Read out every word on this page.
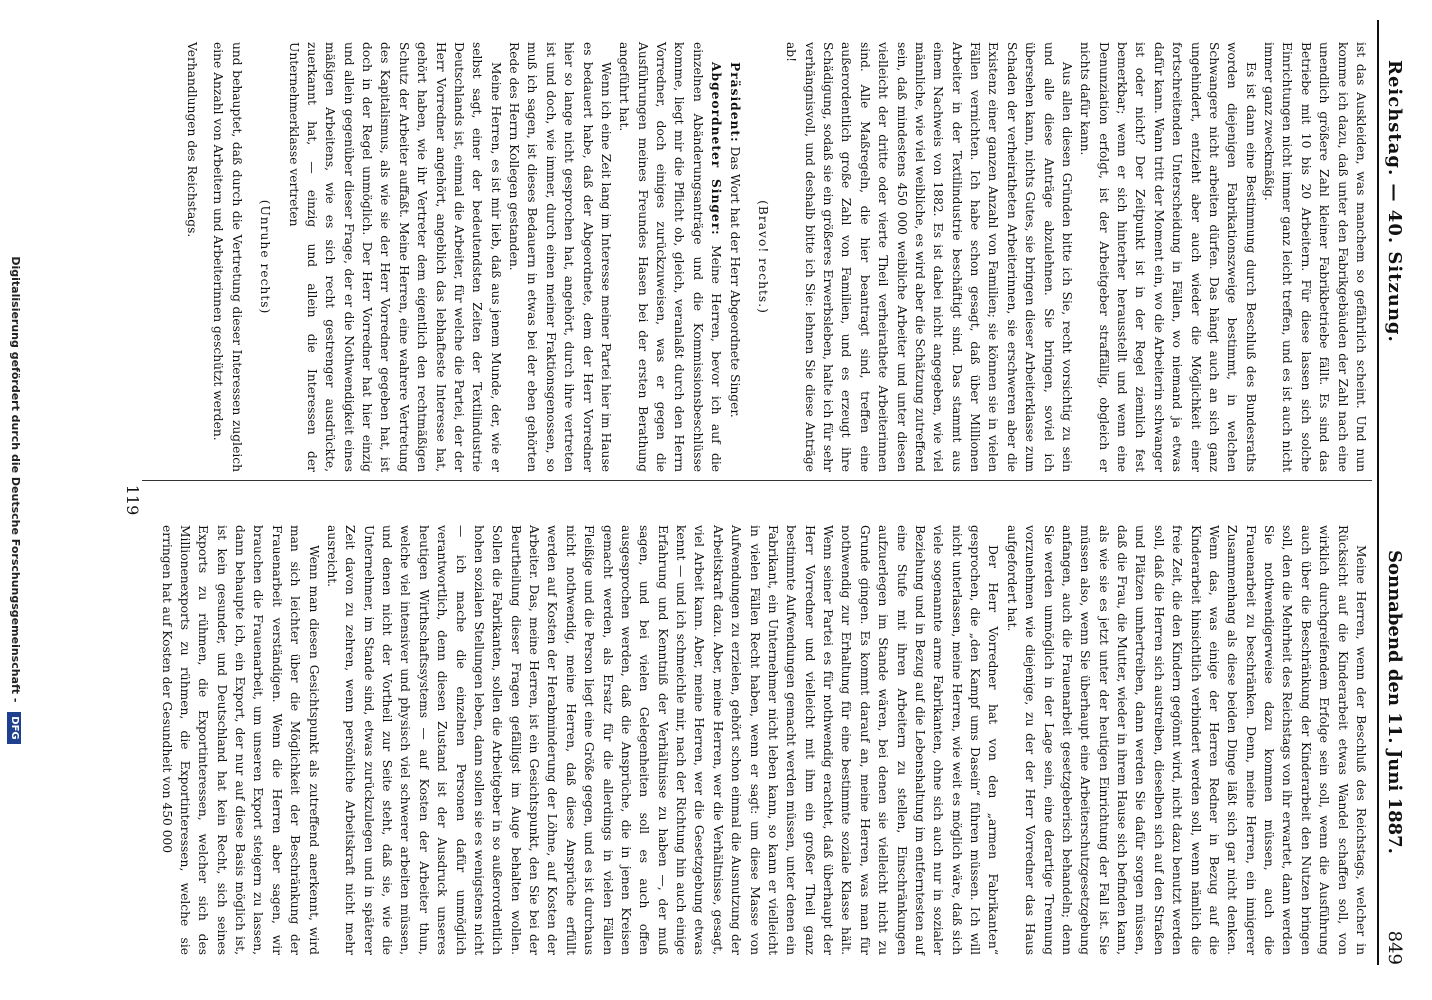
Reichstag. — 40. Sitzung.
Sonnabend den 11. Juni 1887.
849

ist das Auskleiden, was manchem so gefährlich scheint. Und nun komme ich dazu, daß unter den Fabrikgebäuden der Zahl nach eine unendlich größere Zahl kleiner Fabrikbetriebe fällt. Es sind das Betriebe mit 10 bis 20 Arbeitern. Für diese lassen sich solche Einrichtungen nicht immer ganz leicht treffen, und es ist auch nicht immer ganz zweckmäßig.

Es ist dann eine Bestimmung durch Beschluß des Bundesraths worden diejenigen Fabrikationszweige bestimmt, in welchen Schwangere nicht arbeiten dürfen. Das hängt auch an sich ganz ungehindert, entzieht aber auch wieder die Möglichkeit einer fortschreitenden Unterscheidung in Fällen, wo niemand ja etwas dafür kann. Wann tritt der Moment ein, wo die Arbeiterin schwanger ist oder nicht? Der Zeitpunkt ist in der Regel ziemlich fest bemerkbar; wenn er sich hinterher herausstellt und wenn eine Denunziation erfolgt, ist der Arbeitgeber straffällig, obgleich er nichts dafür kann.

Aus allen diesen Gründen bitte ich Sie, recht vorsichtig zu sein und alle diese Anträge abzulehnen. Sie bringen, soviel ich übersehen kann, nichts Gutes, sie bringen dieser Arbeiterklasse zum Schaden der verheiratheten Arbeiterinnen, sie erschweren aber die Existenz einer ganzen Anzahl von Familien; sie können sie in vielen Fällen vernichten. Ich habe schon gesagt, daß über Millionen Arbeiter in der Textilindustrie beschäftigt sind. Das stammt aus einem Nachweis von 1882. Es ist dabei nicht angegeben, wie viel männliche, wie viel weibliche, es wird aber die Schätzung zutreffend sein, daß mindestens 450 000 weibliche Arbeiter und unter diesen vielleicht der dritte oder vierte Theil verheirathete Arbeiterinnen sind. Alle Maßregeln, die hier beantragt sind, treffen eine außerordentlich große Zahl von Familien, und es erzeugt ihre Schädigung, sodaß sie ein größeres Erwerbsleben, halte ich für sehr verhängnisvoll, und deshalb bitte ich Sie: lehnen Sie diese Anträge ab!

(Bravo! rechts.)

Präsident: Das Wort hat der Herr Abgeordnete Singer.

Abgeordneter Singer: Meine Herren, bevor ich auf die einzelnen Abänderungsanträge und die Kommissionsbeschlüsse komme, liegt mir die Pflicht ob, gleich, veranlaßt durch den Herrn Vorredner, doch einiges zurückzuweisen, was er gegen die Ausführungen meines Freundes Hasen bei der ersten Berathung angeführt hat.

Wenn ich eine Zeit lang im Interesse meiner Partei hier im Hause es bedauert habe, daß der Abgeordnete, dem der Herr Vorredner hier so lange nicht gesprochen hat, angehört, durch ihre vertreten ist und doch, wie immer, durch einen meiner Fraktionsgenossen, so muß ich sagen, ist dieses Bedauern in etwas bei der eben gehörten Rede des Herrn Kollegen gestanden.

Meine Herren, es ist mir lieb, daß aus jenem Munde, der, wie er selbst sagt, einer der bedeutendsten Zeiten der Textilindustrie Deutschlands ist, einmal die Arbeiter, für welche die Partei, der der Herr Vorredner angehört, angeblich das lebhafteste Interesse hat, gehört haben, wie ihr Vertreter dem eigentlich den rechtmäßigen Schutz der Arbeiter auffaßt. Meine Herren, eine wahrere Vertretung des Kapitalismus, als wie sie der Herr Vorredner gegeben hat, ist doch in der Regel unmöglich. Der Herr Vorredner hat hier einzig und allein gegenüber dieser Frage, der er die Nothwendigkeit eines mäßigen Arbeitens, wie es sich recht gestrenger ausdrückte, zuerkannt hat, — einzig und allein die Interessen der Unternehmerklasse vertreten

(Unruhe rechts)

und behauptet, daß durch die Vertretung dieser Interessen zugleich eine Anzahl von Arbeitern und Arbeiterinnen geschützt werden.

Verhandlungen des Reichstags.

Meine Herren, wenn der Beschluß des Reichstags, welcher in Rücksicht auf die Kinderarbeit etwas Wandel schaffen soll, von wirklich durchgreifendem Erfolge sein soll, wenn die Ausführung auch über die Beschränkung der Kinderarbeit den Nutzen bringen soll, den die Mehrheit des Reichstags von ihr erwartet, dann werden Sie nothwendigerweise dazu kommen müssen, auch die Frauenarbeit zu beschränken. Denn, meine Herren, ein innigerer Zusammenhang als diese beiden Dinge läßt sich gar nicht denken. Wenn das, was einige der Herren Redner in Bezug auf die Kinderarbeit hinsichtlich verbindert werden soll, wenn nämlich die freie Zeit, die den Kindern gegönnt wird, nicht dazu benutzt werden soll, daß die Herren sich austreiben, dieselben sich auf den Straßen und Plätzen umhertreiben, dann werden Sie dafür sorgen müssen, daß die Frau, die Mutter, wieder in ihrem Hause sich befinden kann, als wie sie es jetzt unter der heutigen Einrichtung der Fall ist. Sie müssen also, wenn Sie überhaupt eine Arbeiterschutzgesetzgebung anfangen, auch die Frauenarbeit gesetzgeberisch behandeln; denn Sie werden unmöglich in der Lage sein, eine derartige Trennung vorzunehmen wie diejenige, zu der der Herr Vorredner das Haus aufgefordert hat.

Der Herr Vorredner hat von den „armen Fabrikanten“ gesprochen, die „den Kampf ums Dasein“ führen müssen. Ich will nicht unterlassen, meine Herren, wie weit es möglich wäre, daß sich viele sogenannte arme Fabrikanten, ohne sich auch nur in sozialer Beziehung und in Bezug auf die Lebenshaltung im entferntesten auf eine Stufe mit ihren Arbeitern zu stellen, Einschränkungen aufzuerlegen im Stande wären, bei denen sie vielleicht nicht zu Grunde gingen. Es kommt darauf an, meine Herren, was man für nothwendig zur Erhaltung für eine bestimmte soziale Klasse hält. Wenn seiner Partei es für nothwendig erachtet, daß überhaupt der Herr Vorredner und vielleicht mit ihm ein großer Theil ganz bestimmte Aufwendungen gemacht werden müssen, unter denen ein Fabrikant, ein Unternehmer nicht leben kann, so kann er vielleicht in vielen Fällen Recht haben, wenn er sagt: um diese Masse von Aufwendungen zu erzielen, gehört schon einmal die Ausnutzung der Arbeitskraft dazu. Aber, meine Herren, wer die Verhältnisse, gesagt, viel Arbeit kann. Aber, meine Herren, wer die Gesetzgebung etwas kennt — und ich schmeichle mir, nach der Richtung hin auch einige Erfahrung und Kenntniß der Verhältnisse zu haben —, der muß sagen, und bei vielen Gelegenheiten soll es auch offen ausgesprochen werden, daß die Ansprüche, die in jenen Kreisen gemacht werden, als Ersatz für die allerdings in vielen Fällen Fleißige und die Person liegt eine Größe gegen, und es ist durchaus nicht nothwendig, meine Herren, daß diese Ansprüche erfüllt werden auf Kosten der Herabminderung der Löhne, auf Kosten der Arbeiter. Das, meine Herren, ist ein Gesichtspunkt, den Sie bei der Beurtheilung dieser Fragen gefälligst im Auge behalten wollen. Sollen die Fabrikanten, sollen die Arbeitgeber in so außerordentlich hohen sozialen Stellungen leben, dann sollen sie es wenigstens nicht — ich mache die einzelnen Personen dafür unmöglich verantwortlich, denn diesen Zustand ist der Ausdruck unseres heutigen Wirthschaftssystems — auf Kosten der Arbeiter thun, welche viel intensiver und physisch viel schwerer arbeiten müssen, und denen nicht der Vortheil zur Seite steht, daß sie, wie die Unternehmer, im Stande sind, etwas zurückzulegen und in späterer Zeit davon zu zehren, wenn persönliche Arbeitskraft nicht mehr ausreicht.

Wenn man diesen Gesichtspunkt als zutreffend anerkennt, wird man sich leichter über die Möglichkeit der Beschränkung der Frauenarbeit verständigen. Wenn die Herren aber sagen, wir brauchen die Frauenarbeit, um unseren Export steigern zu lassen, dann behaupte ich, ein Export, der nur auf diese Basis möglich ist, ist kein gesunder, und Deutschland hat kein Recht, sich seines Exports zu rühmen, die Exportinteressen, welcher sich des Millionenexports zu rühmen, die Exportinteressen, welche sie erringen hat auf Kosten der Gesundheit von 450 000

119
Digitalisierung gefördert durch die Deutsche Forschungsgemeinschaft - DFG
